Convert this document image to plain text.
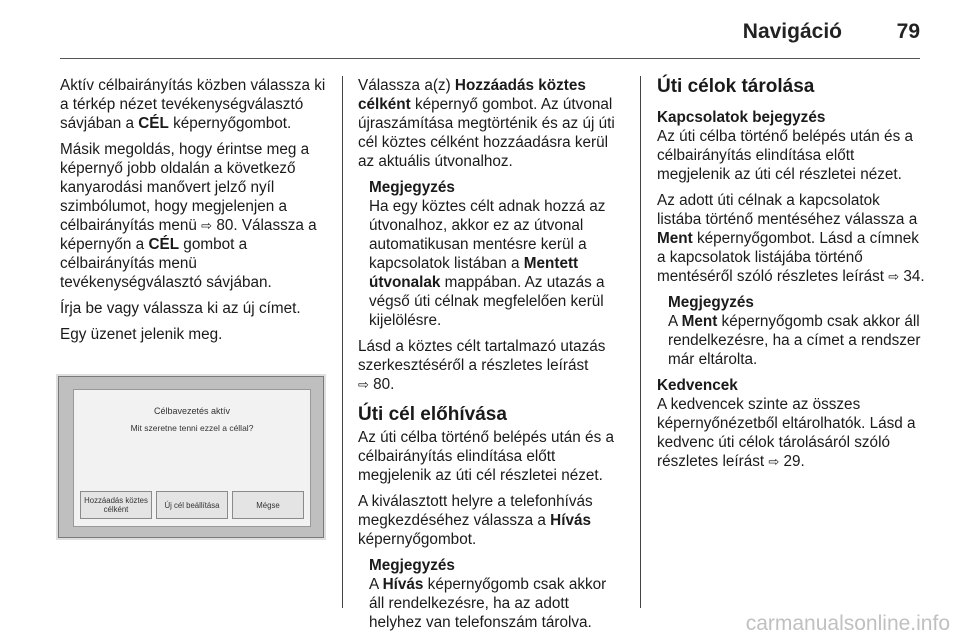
Navigáció	79

Aktív célbairányítás közben válassza ki a térkép nézet tevékenységválasztó sávjában a CÉL képernyőgombot.

Másik megoldás, hogy érintse meg a képernyő jobb oldalán a következő kanyarodási manővert jelző nyíl szimbólumot, hogy megjelenjen a célbairányítás menü ⇨ 80. Válassza a képernyőn a CÉL gombot a célbairányítás menü tevékenységválasztó sávjában.

Írja be vagy válassza ki az új címet.

Egy üzenet jelenik meg.

Célbavezetés aktív
Mit szeretne tenni ezzel a céllal?
Hozzáadás köztes célként	Új cél beállítása	Mégse

Válassza a(z) Hozzáadás köztes célként képernyő gombot. Az útvonal újraszámítása megtörténik és az új úti cél köztes célként hozzáadásra kerül az aktuális útvonalhoz.

Megjegyzés
Ha egy köztes célt adnak hozzá az útvonalhoz, akkor ez az útvonal automatikusan mentésre kerül a kapcsolatok listában a Mentett útvonalak mappában. Az utazás a végső úti célnak megfelelően kerül kijelölésre.

Lásd a köztes célt tartalmazó utazás szerkesztéséről a részletes leírást
⇨ 80.

Úti cél előhívása

Az úti célba történő belépés után és a célbairányítás elindítása előtt megjelenik az úti cél részletei nézet.

A kiválasztott helyre a telefonhívás megkezdéséhez válassza a Hívás képernyőgombot.

Megjegyzés
A Hívás képernyőgomb csak akkor áll rendelkezésre, ha az adott helyhez van telefonszám tárolva.
Úti célok tárolása
Kapcsolatok bejegyzés

Az úti célba történő belépés után és a célbairányítás elindítása előtt megjelenik az úti cél részletei nézet.

Az adott úti célnak a kapcsolatok listába történő mentéséhez válassza a Ment képernyőgombot. Lásd a címnek a kapcsolatok listájába történő mentéséről szóló részletes leírást ⇨ 34.

Megjegyzés
A Ment képernyőgomb csak akkor áll rendelkezésre, ha a címet a rendszer már eltárolta.
Kedvencek

A kedvencek szinte az összes képernyőnézetből eltárolhatók. Lásd a kedvenc úti célok tárolásáról szóló részletes leírást ⇨ 29.

carmanualsonline.info
